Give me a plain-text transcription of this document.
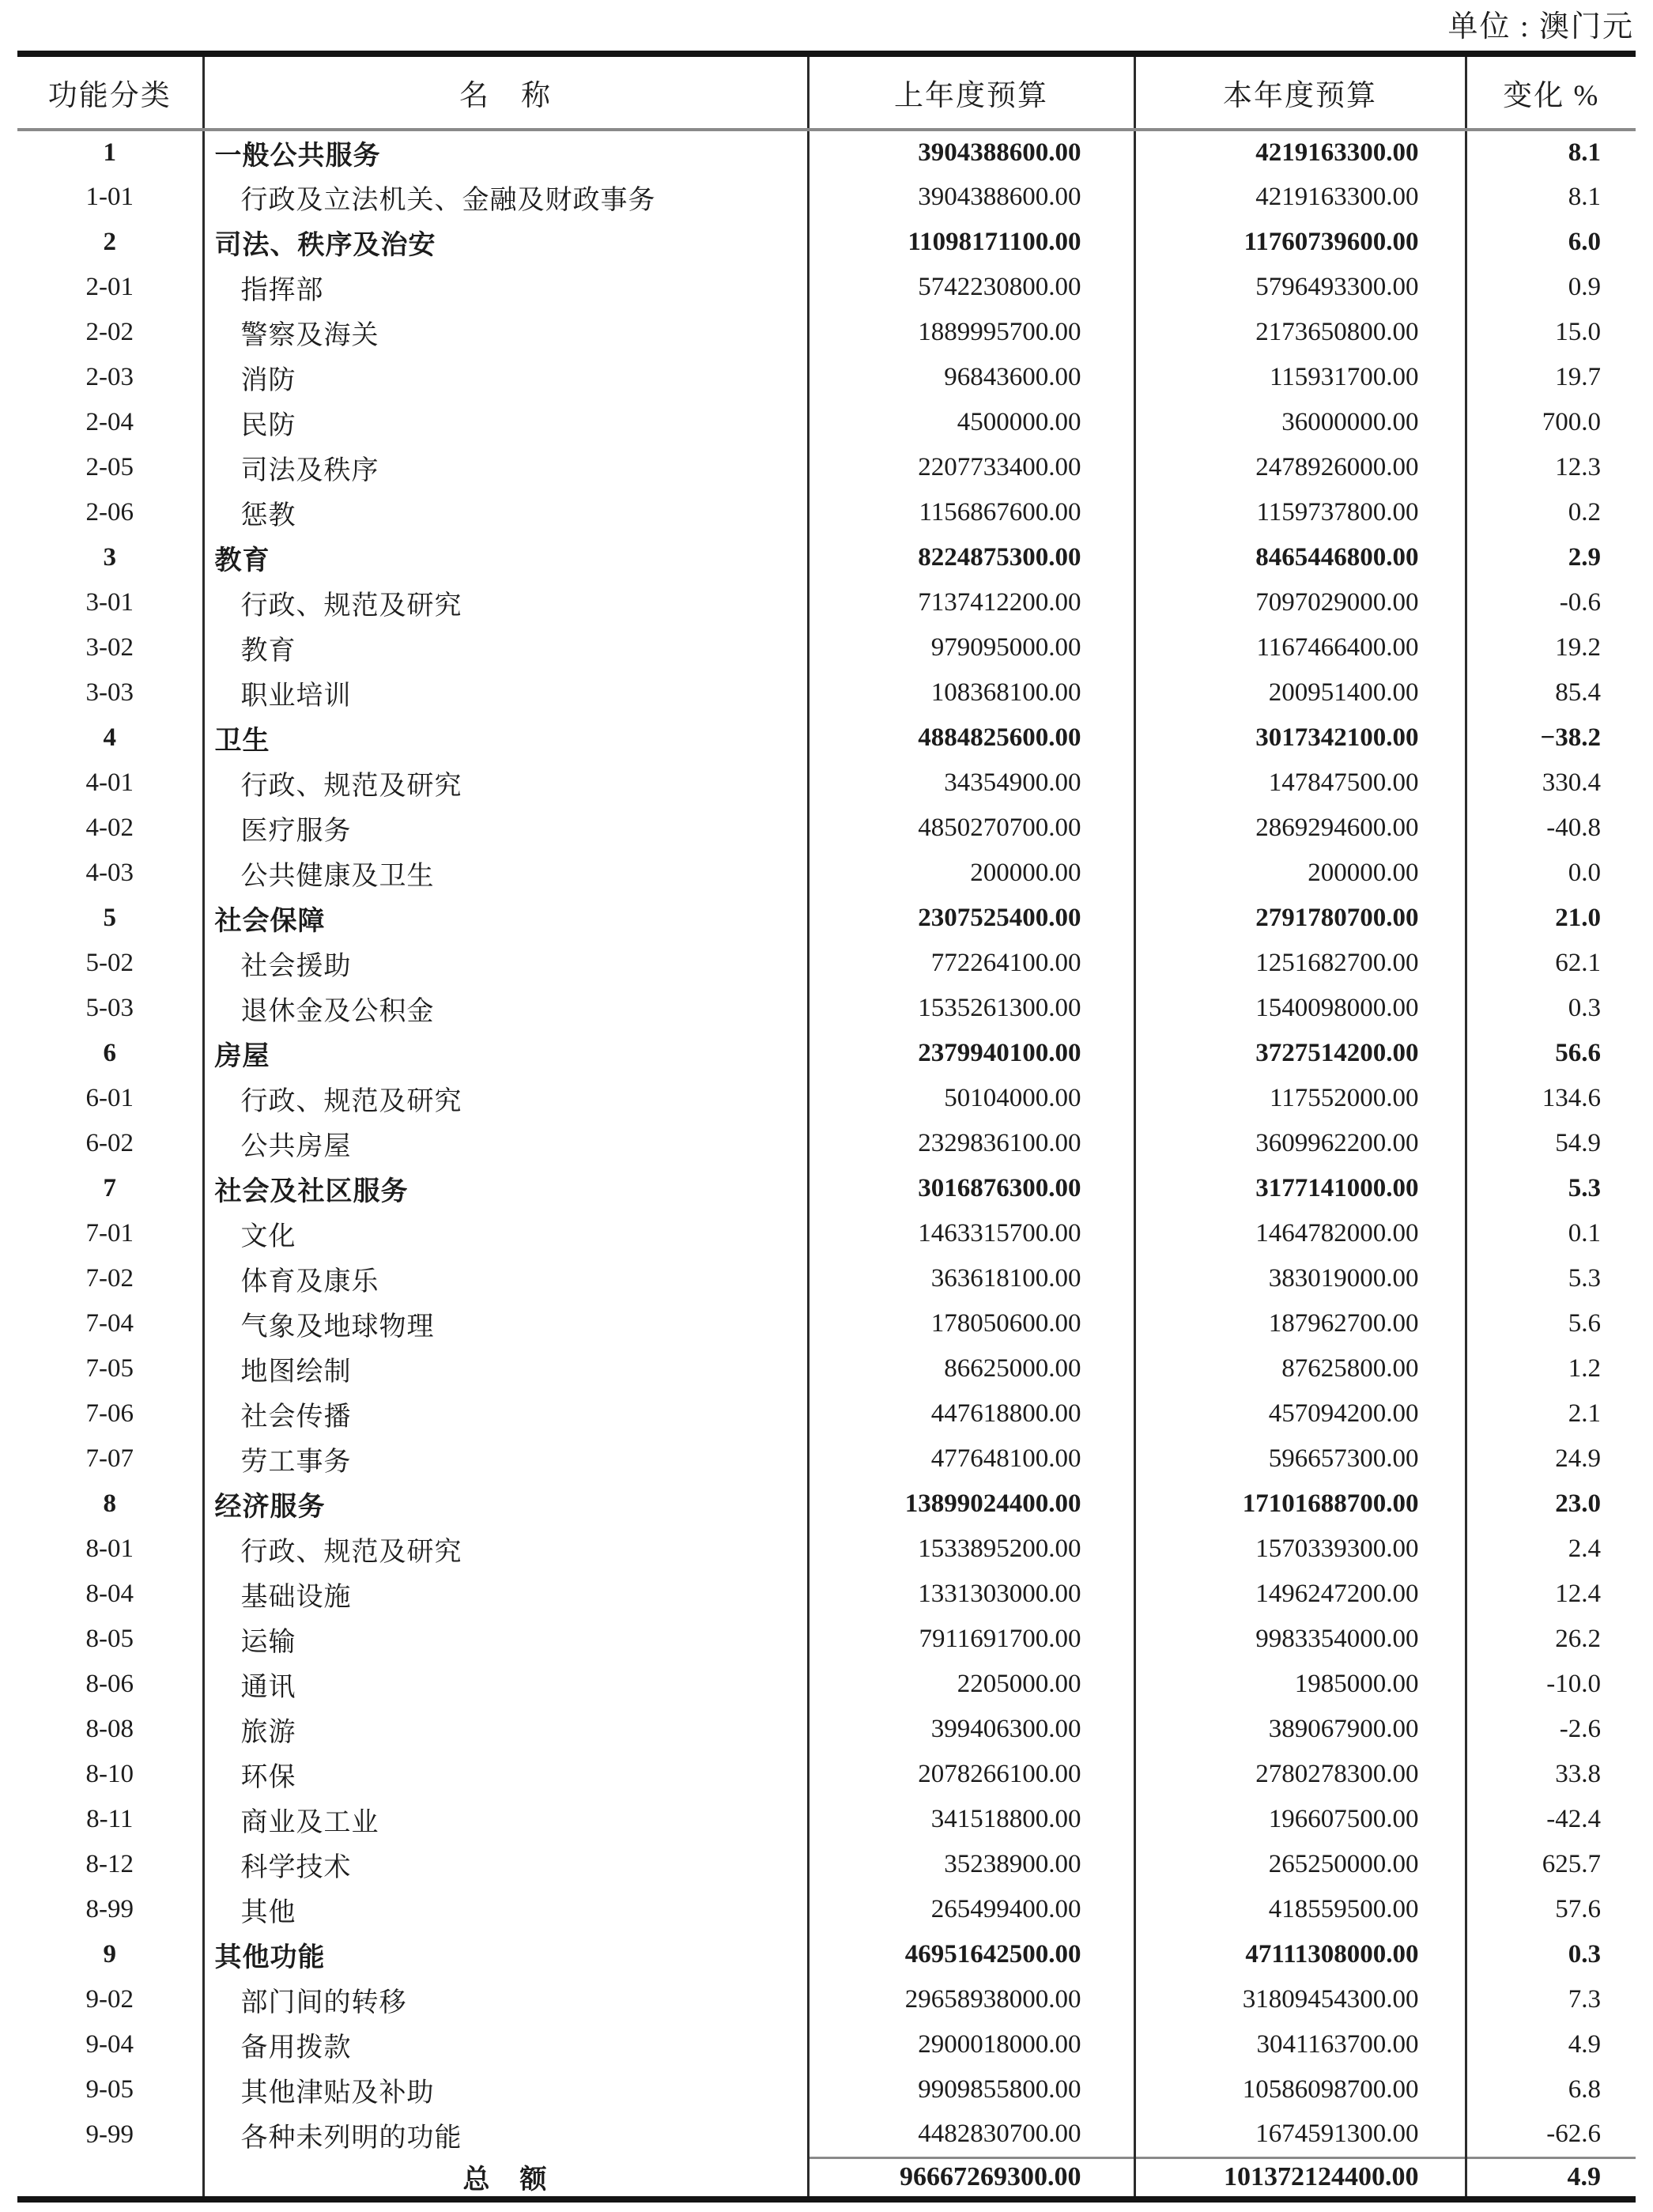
单位 : 澳门元
功能分类	名　称	上年度预算	本年度预算	变化 %
1	一般公共服务	3904388600.00	4219163300.00	8.1
1-01	行政及立法机关、金融及财政事务	3904388600.00	4219163300.00	8.1
2	司法、秩序及治安	11098171100.00	11760739600.00	6.0
2-01	指挥部	5742230800.00	5796493300.00	0.9
2-02	警察及海关	1889995700.00	2173650800.00	15.0
2-03	消防	96843600.00	115931700.00	19.7
2-04	民防	4500000.00	36000000.00	700.0
2-05	司法及秩序	2207733400.00	2478926000.00	12.3
2-06	惩教	1156867600.00	1159737800.00	0.2
3	教育	8224875300.00	8465446800.00	2.9
3-01	行政、规范及研究	7137412200.00	7097029000.00	-0.6
3-02	教育	979095000.00	1167466400.00	19.2
3-03	职业培训	108368100.00	200951400.00	85.4
4	卫生	4884825600.00	3017342100.00	−38.2
4-01	行政、规范及研究	34354900.00	147847500.00	330.4
4-02	医疗服务	4850270700.00	2869294600.00	-40.8
4-03	公共健康及卫生	200000.00	200000.00	0.0
5	社会保障	2307525400.00	2791780700.00	21.0
5-02	社会援助	772264100.00	1251682700.00	62.1
5-03	退休金及公积金	1535261300.00	1540098000.00	0.3
6	房屋	2379940100.00	3727514200.00	56.6
6-01	行政、规范及研究	50104000.00	117552000.00	134.6
6-02	公共房屋	2329836100.00	3609962200.00	54.9
7	社会及社区服务	3016876300.00	3177141000.00	5.3
7-01	文化	1463315700.00	1464782000.00	0.1
7-02	体育及康乐	363618100.00	383019000.00	5.3
7-04	气象及地球物理	178050600.00	187962700.00	5.6
7-05	地图绘制	86625000.00	87625800.00	1.2
7-06	社会传播	447618800.00	457094200.00	2.1
7-07	劳工事务	477648100.00	596657300.00	24.9
8	经济服务	13899024400.00	17101688700.00	23.0
8-01	行政、规范及研究	1533895200.00	1570339300.00	2.4
8-04	基础设施	1331303000.00	1496247200.00	12.4
8-05	运输	7911691700.00	9983354000.00	26.2
8-06	通讯	2205000.00	1985000.00	-10.0
8-08	旅游	399406300.00	389067900.00	-2.6
8-10	环保	2078266100.00	2780278300.00	33.8
8-11	商业及工业	341518800.00	196607500.00	-42.4
8-12	科学技术	35238900.00	265250000.00	625.7
8-99	其他	265499400.00	418559500.00	57.6
9	其他功能	46951642500.00	47111308000.00	0.3
9-02	部门间的转移	29658938000.00	31809454300.00	7.3
9-04	备用拨款	2900018000.00	3041163700.00	4.9
9-05	其他津贴及补助	9909855800.00	10586098700.00	6.8
9-99	各种未列明的功能	4482830700.00	1674591300.00	-62.6
	总　额	96667269300.00	101372124400.00	4.9
